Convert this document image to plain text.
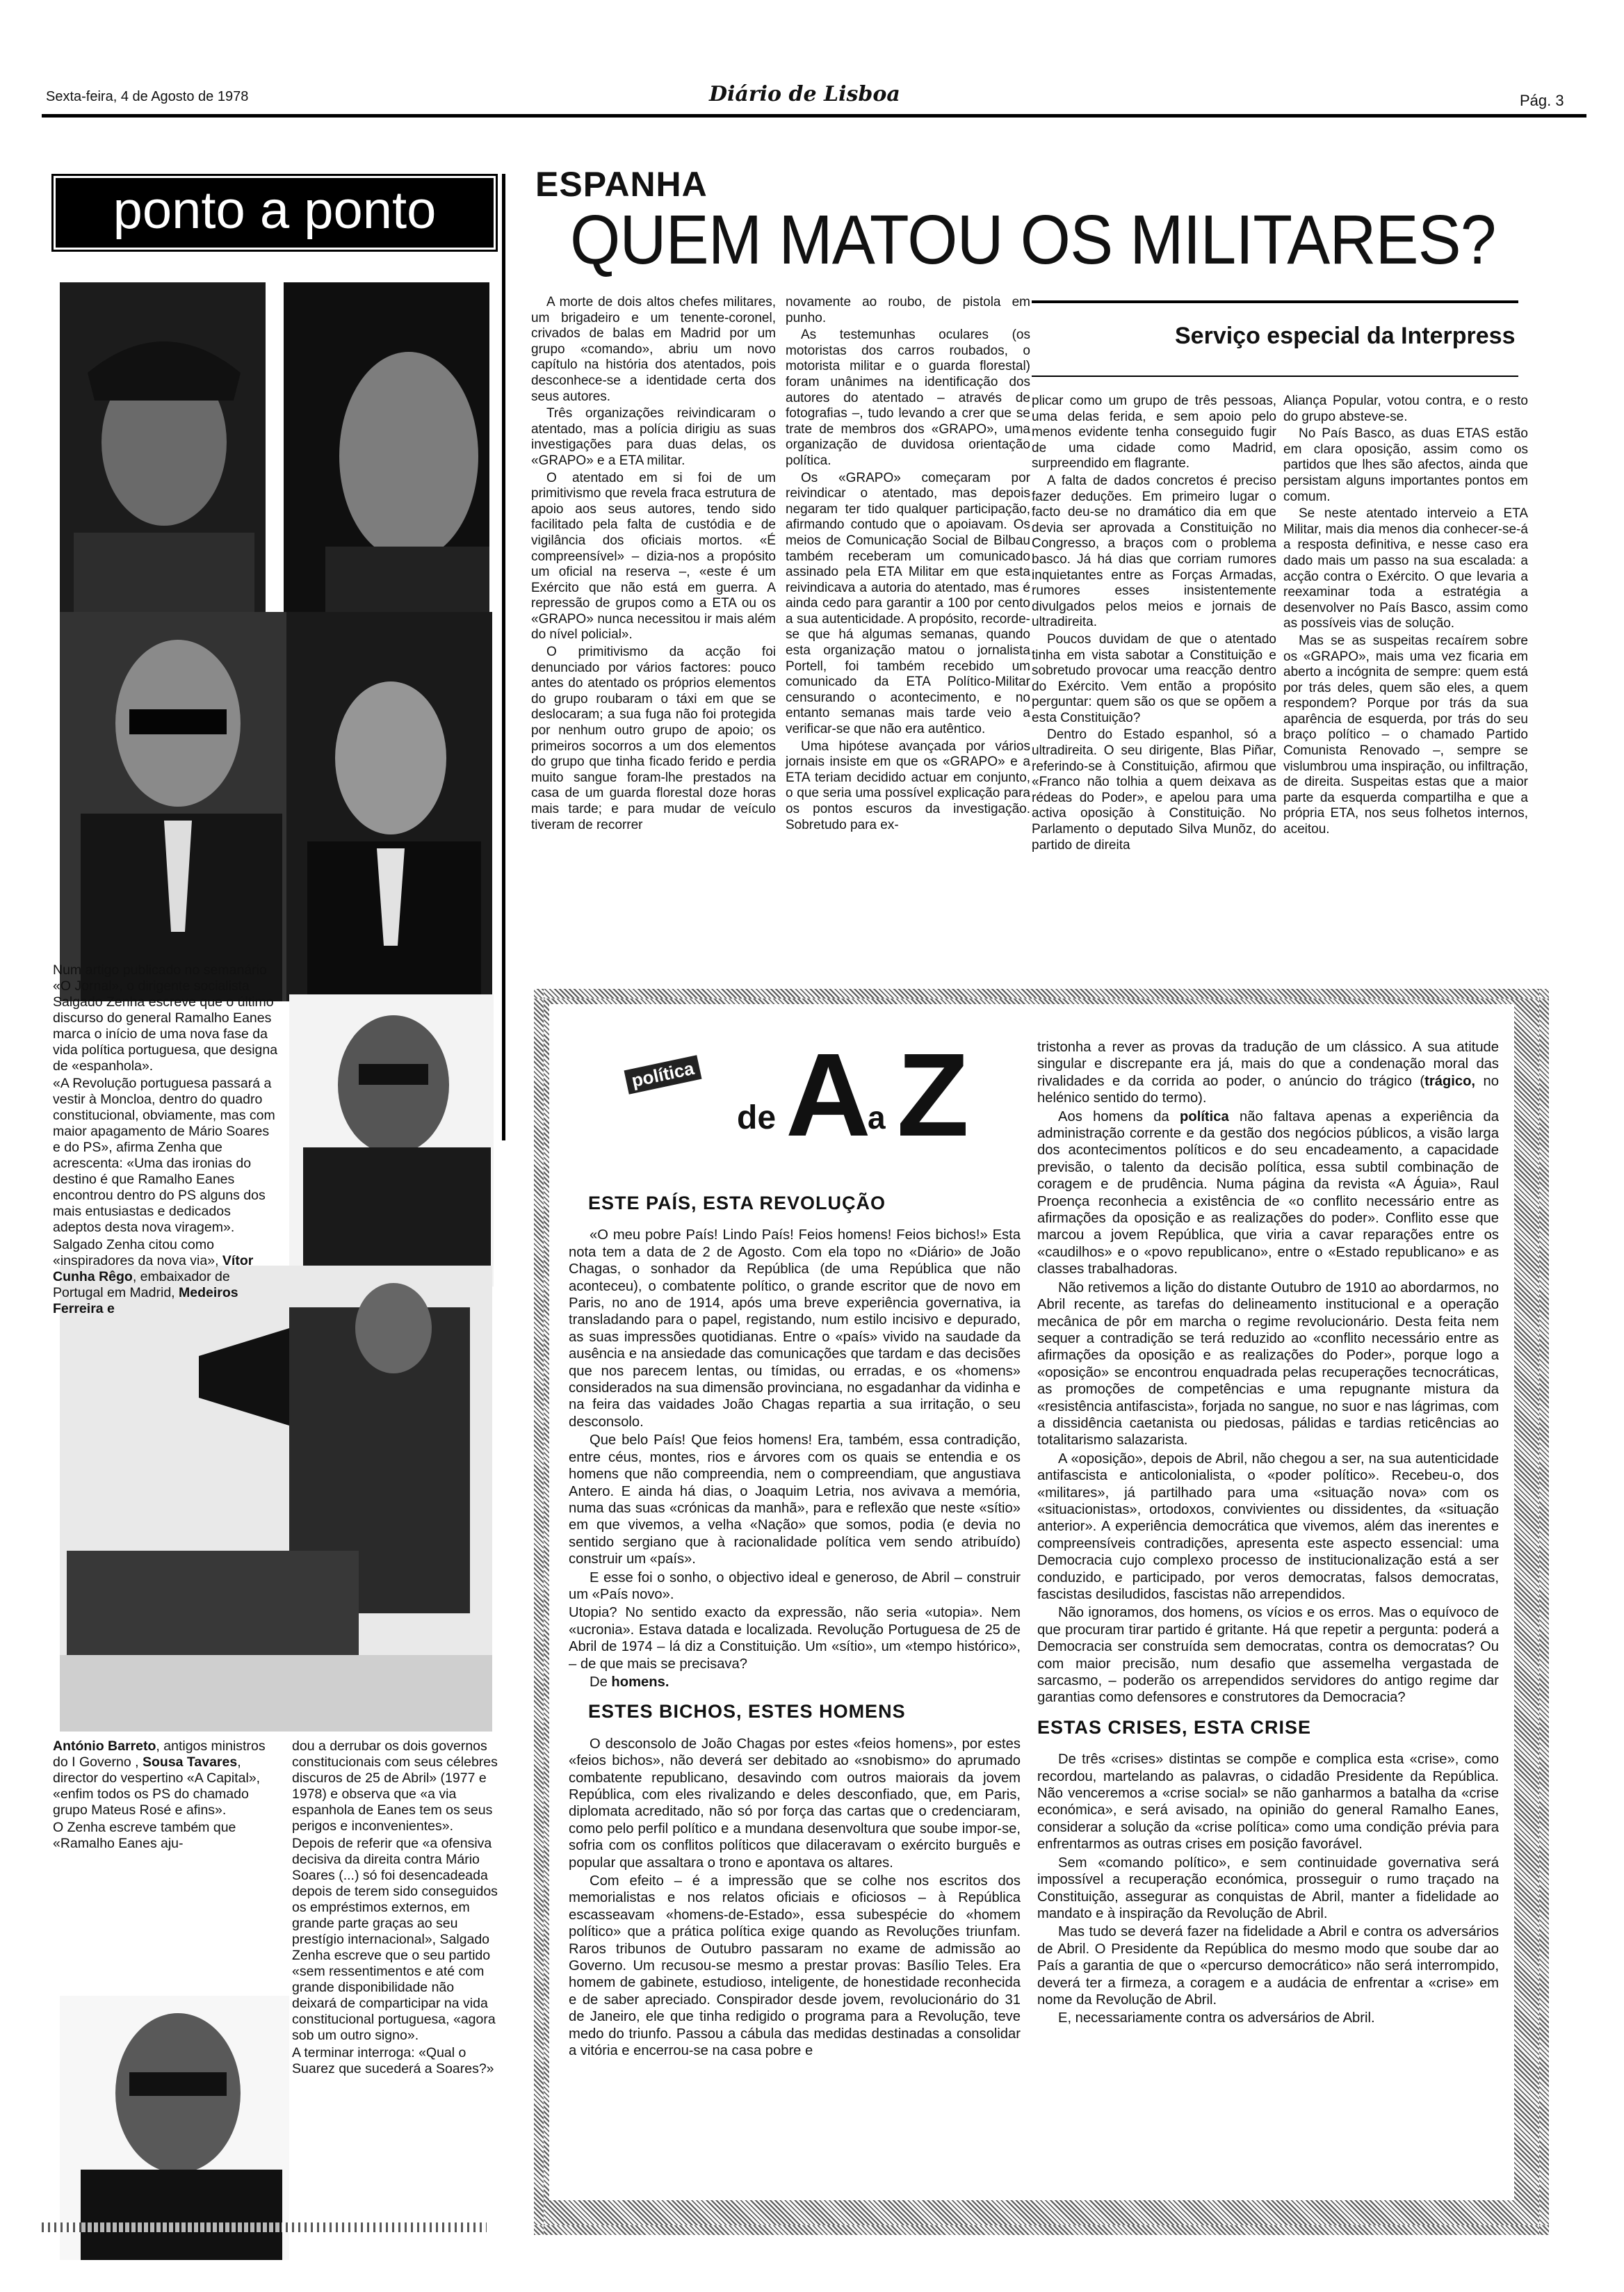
Sexta-feira, 4 de Agosto de 1978	Diário de Lisboa	Pág. 3
ponto a ponto

Num artigo publicado no semanário «O Jornal», o dirigente socialista Salgado Zenha escreve que o último discurso do general Ramalho Eanes marca o início de uma nova fase da vida política portuguesa, que designa de «espanhola».

«A Revolução portuguesa passará a vestir à Moncloa, dentro do quadro constitucional, obviamente, mas com maior apagamento de Mário Soares e do PS», afirma Zenha que acrescenta: «Uma das ironias do destino é que Ramalho Eanes encontrou dentro do PS alguns dos mais entusiastas e dedicados adeptos desta nova viragem».

Salgado Zenha citou como «inspiradores da nova via», Vítor Cunha Rêgo, embaixador de Portugal em Madrid, Medeiros Ferreira e

António Barreto, antigos ministros do I Governo , Sousa Tavares, director do vespertino «A Capital», «enfim todos os PS do chamado grupo Mateus Rosé e afins».

O Zenha escreve também que «Ramalho Eanes aju-

dou a derrubar os dois governos constitucionais com seus célebres discuros de 25 de Abril» (1977 e 1978) e observa que «a via espanhola de Eanes tem os seus perigos e inconvenientes».

Depois de referir que «a ofensiva decisiva da direita contra Mário Soares (...) só foi desencadeada depois de terem sido conseguidos os empréstimos externos, em grande parte graças ao seu prestígio internacional», Salgado Zenha escreve que o seu partido «sem ressentimentos e até com grande disponibilidade não deixará de comparticipar na vida constitucional portuguesa, «agora sob um outro signo».

A terminar interroga: «Qual o Suarez que sucederá a Soares?»

ESPANHA
QUEM MATOU OS MILITARES?
Serviço especial da Interpress

A morte de dois altos chefes militares, um brigadeiro e um tenente-coronel, crivados de balas em Madrid por um grupo «comando», abriu um novo capítulo na história dos atentados, pois desconhece-se a identidade certa dos seus autores.

Três organizações reivindicaram o atentado, mas a polícia dirigiu as suas investigações para duas delas, os «GRAPO» e a ETA militar.

O atentado em si foi de um primitivismo que revela fraca estrutura de apoio aos seus autores, tendo sido facilitado pela falta de custódia e de vigilância dos oficiais mortos. «É compreensível» – dizia-nos a propósito um oficial na reserva –, «este é um Exército que não está em guerra. A repressão de grupos como a ETA ou os «GRAPO» nunca necessitou ir mais além do nível policial».

O primitivismo da acção foi denunciado por vários factores: pouco antes do atentado os próprios elementos do grupo roubaram o táxi em que se deslocaram; a sua fuga não foi protegida por nenhum outro grupo de apoio; os primeiros socorros a um dos elementos do grupo que tinha ficado ferido e perdia muito sangue foram-lhe prestados na casa de um guarda florestal doze horas mais tarde; e para mudar de veículo tiveram de recorrer

novamente ao roubo, de pistola em punho.

As testemunhas oculares (os motoristas dos carros roubados, o motorista militar e o guarda florestal) foram unânimes na identificação dos autores do atentado – através de fotografias –, tudo levando a crer que se trate de membros dos «GRAPO», uma organização de duvidosa orientação política.

Os «GRAPO» começaram por reivindicar o atentado, mas depois negaram ter tido qualquer participação, afirmando contudo que o apoiavam. Os meios de Comunicação Social de Bilbau também receberam um comunicado assinado pela ETA Militar em que esta reivindicava a autoria do atentado, mas é ainda cedo para garantir a 100 por cento a sua autenticidade. A propósito, recorde-se que há algumas semanas, quando esta organização matou o jornalista Portell, foi também recebido um comunicado da ETA Político-Militar censurando o acontecimento, e no entanto semanas mais tarde veio a verificar-se que não era autêntico.

Uma hipótese avançada por vários jornais insiste em que os «GRAPO» e a ETA teriam decidido actuar em conjunto, o que seria uma possível explicação para os pontos escuros da investigação. Sobretudo para ex-

plicar como um grupo de três pessoas, uma delas ferida, e sem apoio pelo menos evidente tenha conseguido fugir de uma cidade como Madrid, surpreendido em flagrante.

A falta de dados concretos é preciso fazer deduções. Em primeiro lugar o facto deu-se no dramático dia em que devia ser aprovada a Constituição no Congresso, a braços com o problema basco. Já há dias que corriam rumores inquietantes entre as Forças Armadas, rumores esses insistentemente divulgados pelos meios e jornais de ultradireita.

Poucos duvidam de que o atentado tinha em vista sabotar a Constituição e sobretudo provocar uma reacção dentro do Exército. Vem então a propósito perguntar: quem são os que se opõem a esta Constituição?

Dentro do Estado espanhol, só a ultradireita. O seu dirigente, Blas Piñar, referindo-se à Constituição, afirmou que «Franco não tolhia a quem deixava as rédeas do Poder», e apelou para uma activa oposição à Constituição. No Parlamento o deputado Silva Munõz, do partido de direita

Aliança Popular, votou contra, e o resto do grupo absteve-se.

No País Basco, as duas ETAS estão em clara oposição, assim como os partidos que lhes são afectos, ainda que persistam alguns importantes pontos em comum.

Se neste atentado interveio a ETA Militar, mais dia menos dia conhecer-se-á a resposta definitiva, e nesse caso era dado mais um passo na sua escalada: a acção contra o Exército. O que levaria a reexaminar toda a estratégia a desenvolver no País Basco, assim como as possíveis vias de solução.

Mas se as suspeitas recaírem sobre os «GRAPO», mais uma vez ficaria em aberto a incógnita de sempre: quem está por trás deles, quem são eles, a quem respondem? Porque por trás da sua aparência de esquerda, por trás do seu braço político – o chamado Partido Comunista Renovado –, sempre se vislumbrou uma inspiração, ou infiltração, de direita. Suspeitas estas que a maior parte da esquerda compartilha e que a própria ETA, nos seus folhetos internos, aceitou.

política
de A
a Z
ESTE PAÍS, ESTA REVOLUÇÃO

«O meu pobre País! Lindo País! Feios homens! Feios bichos!» Esta nota tem a data de 2 de Agosto. Com ela topo no «Diário» de João Chagas, o sonhador da República (de uma República que não aconteceu), o combatente político, o grande escritor que de novo em Paris, no ano de 1914, após uma breve experiência governativa, ia transladando para o papel, registando, num estilo incisivo e depurado, as suas impressões quotidianas. Entre o «país» vivido na saudade da ausência e na ansiedade das comunicações que tardam e das decisões que nos parecem lentas, ou tímidas, ou erradas, e os «homens» considerados na sua dimensão provinciana, no esgadanhar da vidinha e na feira das vaidades João Chagas repartia a sua irritação, o seu desconsolo.

Que belo País! Que feios homens! Era, também, essa contradição, entre céus, montes, rios e árvores com os quais se entendia e os homens que não compreendia, nem o compreendiam, que angustiava Antero. E ainda há dias, o Joaquim Letria, nos avivava a memória, numa das suas «crónicas da manhã», para e reflexão que neste «sítio» em que vivemos, a velha «Nação» que somos, podia (e devia no sentido sergiano que à racionalidade política vem sendo atribuído) construir um «país».

E esse foi o sonho, o objectivo ideal e generoso, de Abril – construir um «País novo».

Utopia? No sentido exacto da expressão, não seria «utopia». Nem «ucronia». Estava datada e localizada. Revolução Portuguesa de 25 de Abril de 1974 – lá diz a Constituição. Um «sítio», um «tempo histórico», – de que mais se precisava?

De homens.

ESTES BICHOS, ESTES HOMENS

O desconsolo de João Chagas por estes «feios homens», por estes «feios bichos», não deverá ser debitado ao «snobismo» do aprumado combatente republicano, desavindo com outros maiorais da jovem República, com eles rivalizando e deles desconfiado, que, em Paris, diplomata acreditado, não só por força das cartas que o credenciaram, como pelo perfil político e a mundana desenvoltura que soube impor-se, sofria com os conflitos políticos que dilaceravam o exército burguês e popular que assaltara o trono e apontava os altares.

Com efeito – é a impressão que se colhe nos escritos dos memorialistas e nos relatos oficiais e oficiosos – à República escasseavam «homens-de-Estado», essa subespécie do «homem político» que a prática política exige quando as Revoluções triunfam. Raros tribunos de Outubro passaram no exame de admissão ao Governo. Um recusou-se mesmo a prestar provas: Basílio Teles. Era homem de gabinete, estudioso, inteligente, de honestidade reconhecida e de saber apreciado. Conspirador desde jovem, revolucionário do 31 de Janeiro, ele que tinha redigido o programa para a Revolução, teve medo do triunfo. Passou a cábula das medidas destinadas a consolidar a vitória e encerrou-se na casa pobre e

tristonha a rever as provas da tradução de um clássico. A sua atitude singular e discrepante era já, mais do que a condenação moral das rivalidades e da corrida ao poder, o anúncio do trágico (trágico, no helénico sentido do termo).

Aos homens da política não faltava apenas a experiência da administração corrente e da gestão dos negócios públicos, a visão larga dos acontecimentos políticos e do seu encadeamento, a capacidade previsão, o talento da decisão política, essa subtil combinação de coragem e de prudência. Numa página da revista «A Águia», Raul Proença reconhecia a existência de «o conflito necessário entre as afirmações da oposição e as realizações do poder». Conflito esse que marcou a jovem República, que viria a cavar reparações entre os «caudilhos» e o «povo republicano», entre o «Estado republicano» e as classes trabalhadoras.

Não retivemos a lição do distante Outubro de 1910 ao abordarmos, no Abril recente, as tarefas do delineamento institucional e a operação mecânica de pôr em marcha o regime revolucionário. Desta feita nem sequer a contradição se terá reduzido ao «conflito necessário entre as afirmações da oposição e as realizações do Poder», porque logo a «oposição» se encontrou enquadrada pelas recuperações tecnocráticas, as promoções de competências e uma repugnante mistura da «resistência antifascista», forjada no sangue, no suor e nas lágrimas, com a dissidência caetanista ou piedosas, pálidas e tardias reticências ao totalitarismo salazarista.

A «oposição», depois de Abril, não chegou a ser, na sua autenticidade antifascista e anticolonialista, o «poder político». Recebeu-o, dos «militares», já partilhado para uma «situação nova» com os «situacionistas», ortodoxos, convivientes ou dissidentes, da «situação anterior». A experiência democrática que vivemos, além das inerentes e compreensíveis contradições, apresenta este aspecto essencial: uma Democracia cujo complexo processo de institucionalização está a ser conduzido, e participado, por veros democratas, falsos democratas, fascistas desiludidos, fascistas não arrependidos.

Não ignoramos, dos homens, os vícios e os erros. Mas o equívoco de que procuram tirar partido é gritante. Há que repetir a pergunta: poderá a Democracia ser construída sem democratas, contra os democratas? Ou com maior precisão, num desafio que assemelha vergastada de sarcasmo, – poderão os arrependidos servidores do antigo regime dar garantias como defensores e construtores da Democracia?

ESTAS CRISES, ESTA CRISE

De três «crises» distintas se compõe e complica esta «crise», como recordou, martelando as palavras, o cidadão Presidente da República. Não venceremos a «crise social» se não ganharmos a batalha da «crise económica», e será avisado, na opinião do general Ramalho Eanes, considerar a solução da «crise política» como uma condição prévia para enfrentarmos as outras crises em posição favorável.

Sem «comando político», e sem continuidade governativa será impossível a recuperação económica, prosseguir o rumo traçado na Constituição, assegurar as conquistas de Abril, manter a fidelidade ao mandato e à inspiração da Revolução de Abril.

Mas tudo se deverá fazer na fidelidade a Abril e contra os adversários de Abril. O Presidente da República do mesmo modo que soube dar ao País a garantia de que o «percurso democrático» não será interrompido, deverá ter a firmeza, a coragem e a audácia de enfrentar a «crise» em nome da Revolução de Abril.

E, necessariamente contra os adversários de Abril.
